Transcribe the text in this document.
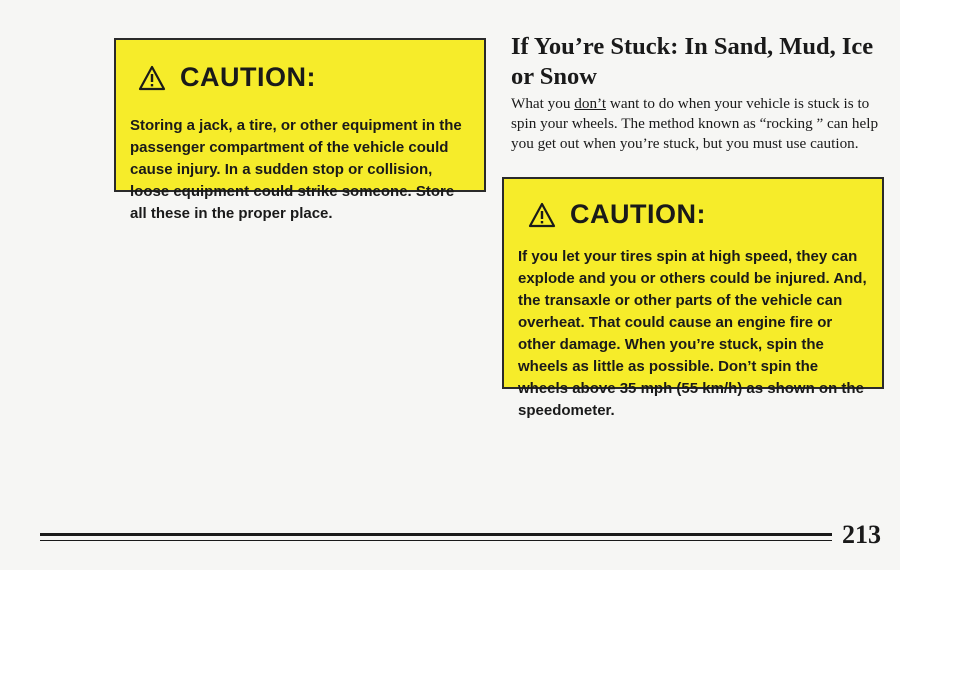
CAUTION:

Storing a jack, a tire, or other equipment in the passenger compartment of the vehicle could cause injury. In a sudden stop or collision, loose equipment could strike someone. Store all these in the proper place.

If You’re Stuck: In Sand, Mud, Ice or Snow

What you don’t want to do when your vehicle is stuck is to spin your wheels. The method known as “rocking ” can help you get out when you’re stuck, but you must use caution.

CAUTION:

If you let your tires spin at high speed, they can explode and you or others could be injured. And, the transaxle or other parts of the vehicle can overheat. That could cause an engine fire or other damage. When you’re stuck, spin the wheels as little as possible. Don’t spin the wheels above 35 mph (55 km/h) as shown on the speedometer.

213
